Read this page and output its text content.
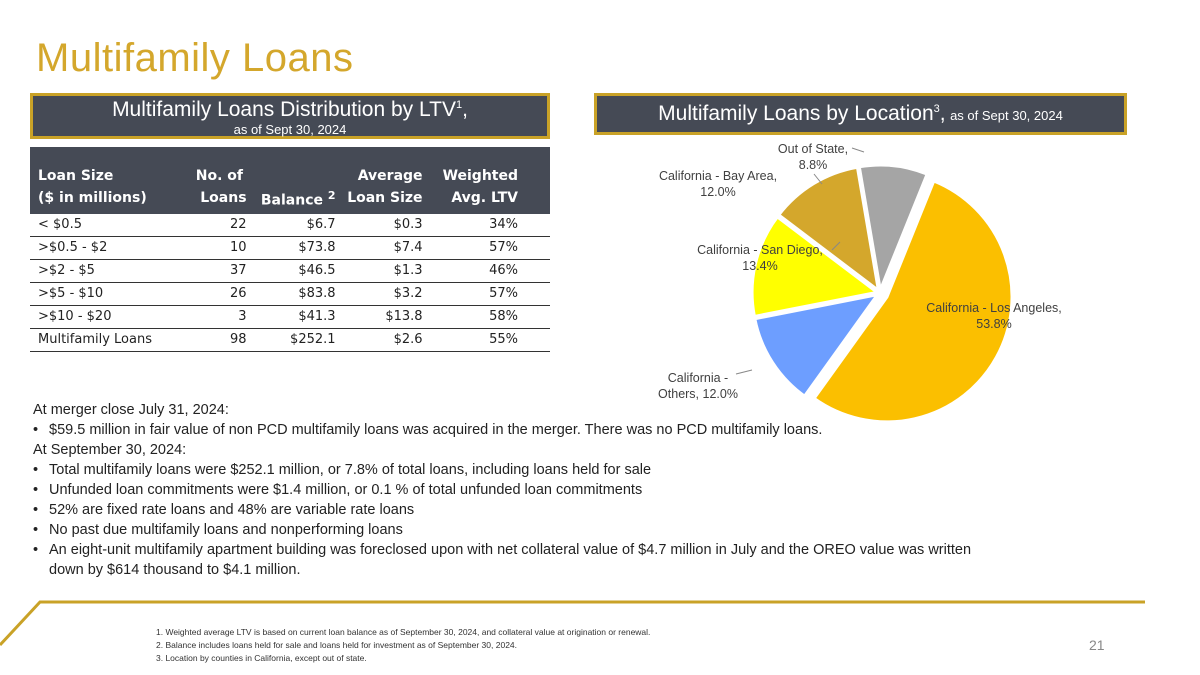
Multifamily Loans
Multifamily Loans Distribution by LTV$^1$,
as of Sept 30, 2024
Multifamily Loans by Location$^3$, as of Sept 30, 2024
Loan Size	No. of		Average	Weighted
($ in millions)	Loans	Balance $^2$	Loan Size	Avg. LTV
< $0.5	22	$6.7	$0.3	34%
>$0.5 - $2	10	$73.8	$7.4	57%
>$2 - $5	37	$46.5	$1.3	46%
>$5 - $10	26	$83.8	$3.2	57%
>$10 - $20	3	$41.3	$13.8	58%
Multifamily Loans	98	$252.1	$2.6	55%
California - Los Angeles, 53.8%
California -Others, 12.0%
California - San Diego, 13.4%
California - Bay Area, 12.0%
Out of State, 8.8%

At merger close July 31, 2024:

• $59.5 million in fair value of non PCD multifamily loans was acquired in the merger. There was no PCD multifamily loans.

At September 30, 2024:

• Total multifamily loans were $252.1 million, or 7.8% of total loans, including loans held for sale
• Unfunded loan commitments were $1.4 million, or 0.1 % of total unfunded loan commitments
• 52% are fixed rate loans and 48% are variable rate loans
• No past due multifamily loans and nonperforming loans
• An eight-unit multifamily apartment building was foreclosed upon with net collateral value of $4.7 million in July and the OREO value was written down by $614 thousand to $4.1 million.
1. Weighted average LTV is based on current loan balance as of September 30, 2024, and collateral value at origination or renewal.
2. Balance includes loans held for sale and loans held for investment as of September 30, 2024.
3. Location by counties in California, except out of state.
21
